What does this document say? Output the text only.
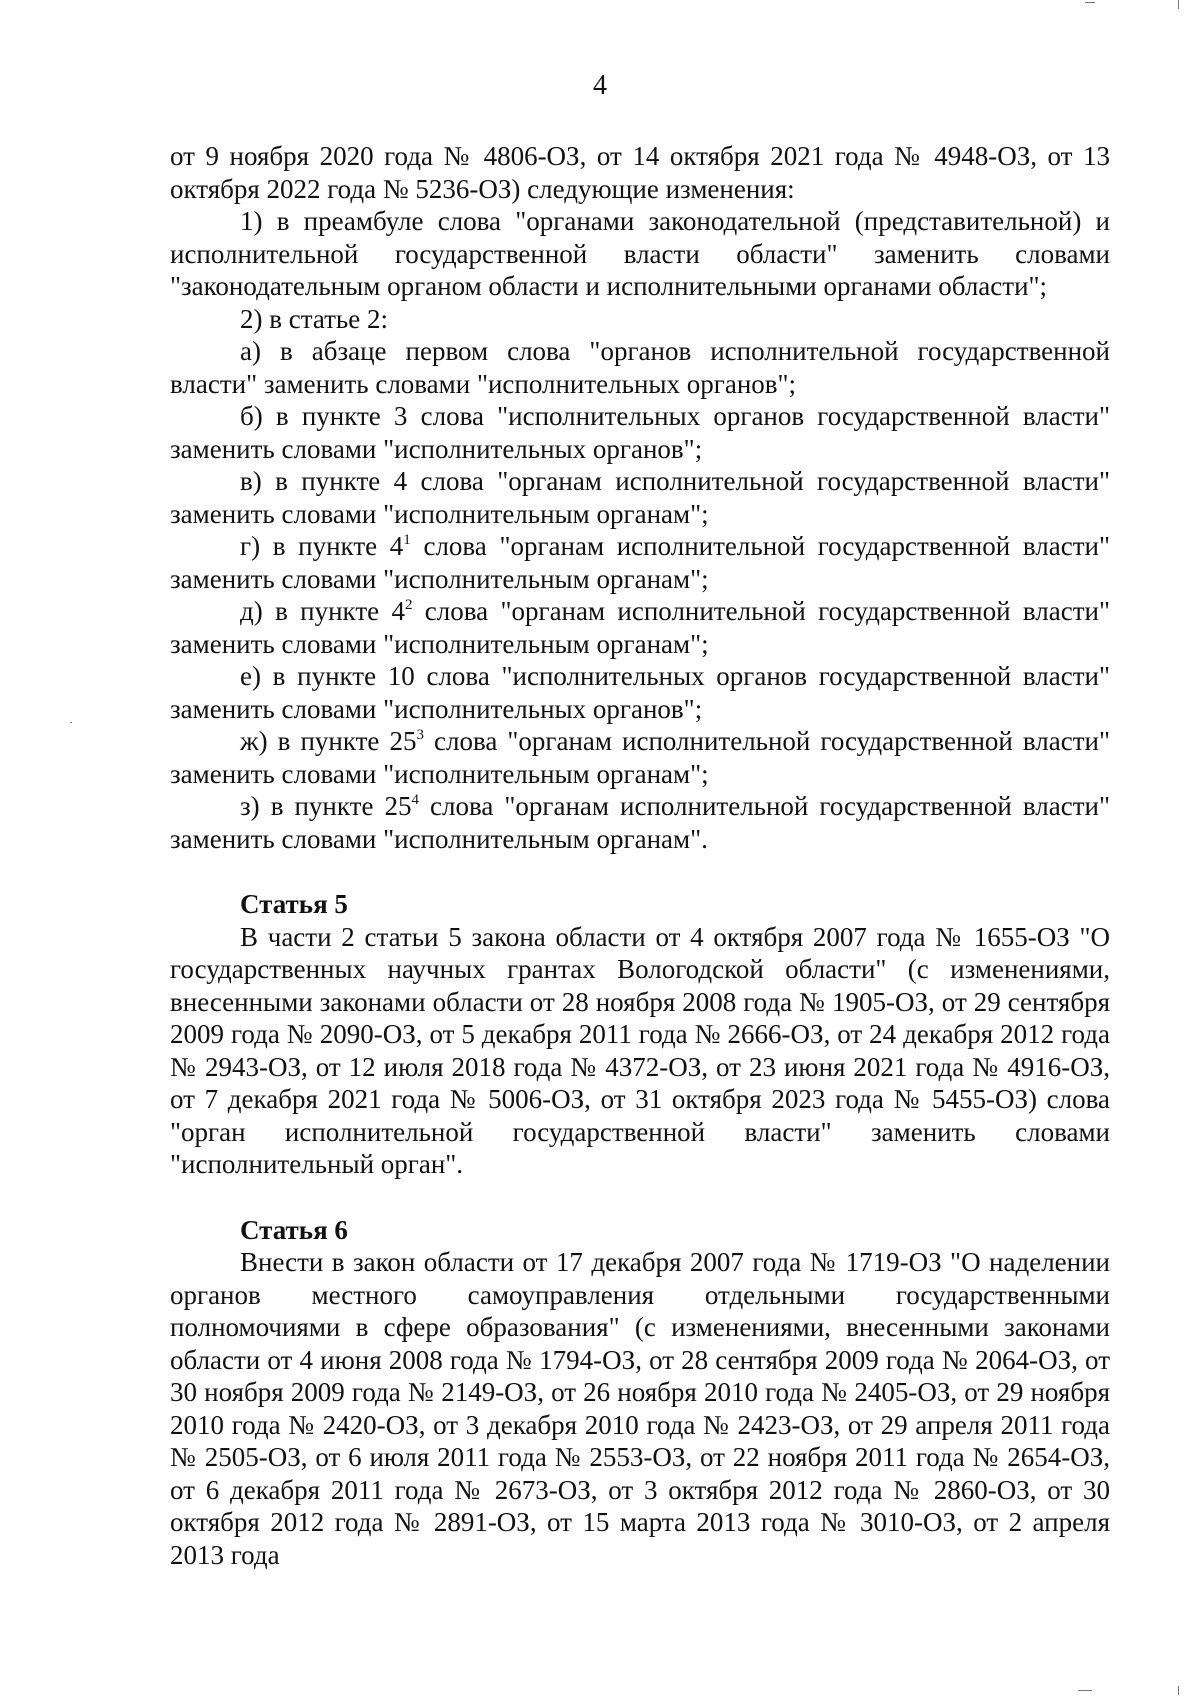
4

от 9 ноября 2020 года № 4806-ОЗ, от 14 октября 2021 года № 4948-ОЗ, от 13 октября 2022 года № 5236-ОЗ) следующие изменения:

1) в преамбуле слова "органами законодательной (представительной) и исполнительной государственной власти области" заменить словами "законодательным органом области и исполнительными органами области";

2) в статье 2:

а) в абзаце первом слова "органов исполнительной государственной власти" заменить словами "исполнительных органов";

б) в пункте 3 слова "исполнительных органов государственной власти" заменить словами "исполнительных органов";

в) в пункте 4 слова "органам исполнительной государственной власти" заменить словами "исполнительным органам";

г) в пункте $4^1$ слова "органам исполнительной государственной власти" заменить словами "исполнительным органам";

д) в пункте $4^2$ слова "органам исполнительной государственной власти" заменить словами "исполнительным органам";

е) в пункте 10 слова "исполнительных органов государственной власти" заменить словами "исполнительных органов";

ж) в пункте $25^3$ слова "органам исполнительной государственной власти" заменить словами "исполнительным органам";

з) в пункте $25^4$ слова "органам исполнительной государственной власти" заменить словами "исполнительным органам".

Статья 5

В части 2 статьи 5 закона области от 4 октября 2007 года № 1655-ОЗ "О государственных научных грантах Вологодской области" (с изменениями, внесенными законами области от 28 ноября 2008 года № 1905-ОЗ, от 29 сентября 2009 года № 2090-ОЗ, от 5 декабря 2011 года № 2666-ОЗ, от 24 декабря 2012 года № 2943-ОЗ, от 12 июля 2018 года № 4372-ОЗ, от 23 июня 2021 года № 4916-ОЗ, от 7 декабря 2021 года № 5006-ОЗ, от 31 октября 2023 года № 5455-ОЗ) слова "орган исполнительной государственной власти" заменить словами "исполнительный орган".

Статья 6

Внести в закон области от 17 декабря 2007 года № 1719-ОЗ "О наделении органов местного самоуправления отдельными государственными полномочиями в сфере образования" (с изменениями, внесенными законами области от 4 июня 2008 года № 1794-ОЗ, от 28 сентября 2009 года № 2064-ОЗ, от 30 ноября 2009 года № 2149-ОЗ, от 26 ноября 2010 года № 2405-ОЗ, от 29 ноября 2010 года № 2420-ОЗ, от 3 декабря 2010 года № 2423-ОЗ, от 29 апреля 2011 года № 2505-ОЗ, от 6 июля 2011 года № 2553-ОЗ, от 22 ноября 2011 года № 2654-ОЗ, от 6 декабря 2011 года № 2673-ОЗ, от 3 октября 2012 года № 2860-ОЗ, от 30 октября 2012 года № 2891-ОЗ, от 15 марта 2013 года № 3010-ОЗ, от 2 апреля 2013 года
